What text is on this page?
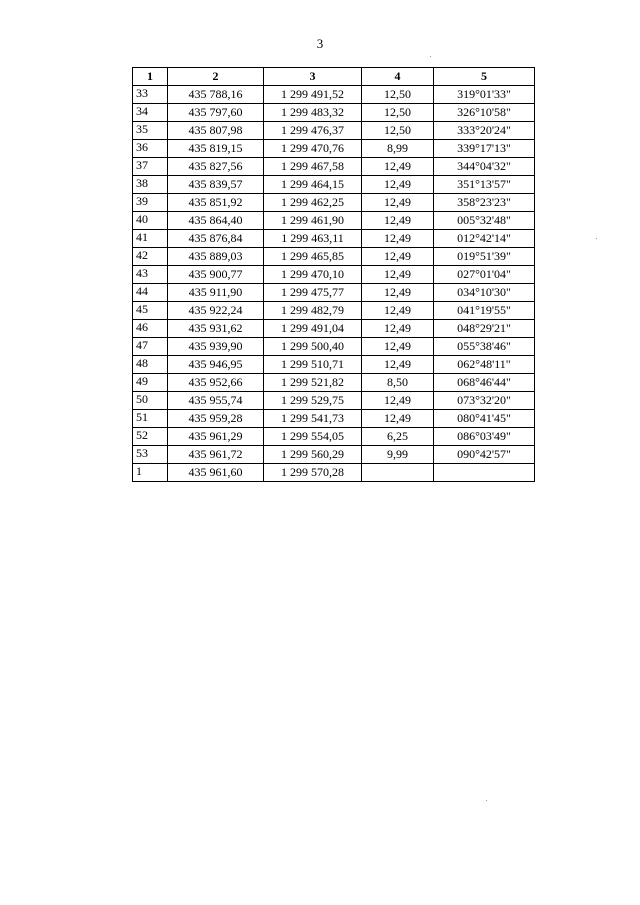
3
1	2	3	4	5
33	435 788,16	1 299 491,52	12,50	319°01'33"
34	435 797,60	1 299 483,32	12,50	326°10'58"
35	435 807,98	1 299 476,37	12,50	333°20'24"
36	435 819,15	1 299 470,76	8,99	339°17'13"
37	435 827,56	1 299 467,58	12,49	344°04'32"
38	435 839,57	1 299 464,15	12,49	351°13'57"
39	435 851,92	1 299 462,25	12,49	358°23'23"
40	435 864,40	1 299 461,90	12,49	005°32'48"
41	435 876,84	1 299 463,11	12,49	012°42'14"
42	435 889,03	1 299 465,85	12,49	019°51'39"
43	435 900,77	1 299 470,10	12,49	027°01'04"
44	435 911,90	1 299 475,77	12,49	034°10'30"
45	435 922,24	1 299 482,79	12,49	041°19'55"
46	435 931,62	1 299 491,04	12,49	048°29'21"
47	435 939,90	1 299 500,40	12,49	055°38'46"
48	435 946,95	1 299 510,71	12,49	062°48'11"
49	435 952,66	1 299 521,82	8,50	068°46'44"
50	435 955,74	1 299 529,75	12,49	073°32'20"
51	435 959,28	1 299 541,73	12,49	080°41'45"
52	435 961,29	1 299 554,05	6,25	086°03'49"
53	435 961,72	1 299 560,29	9,99	090°42'57"
1	435 961,60	1 299 570,28		
